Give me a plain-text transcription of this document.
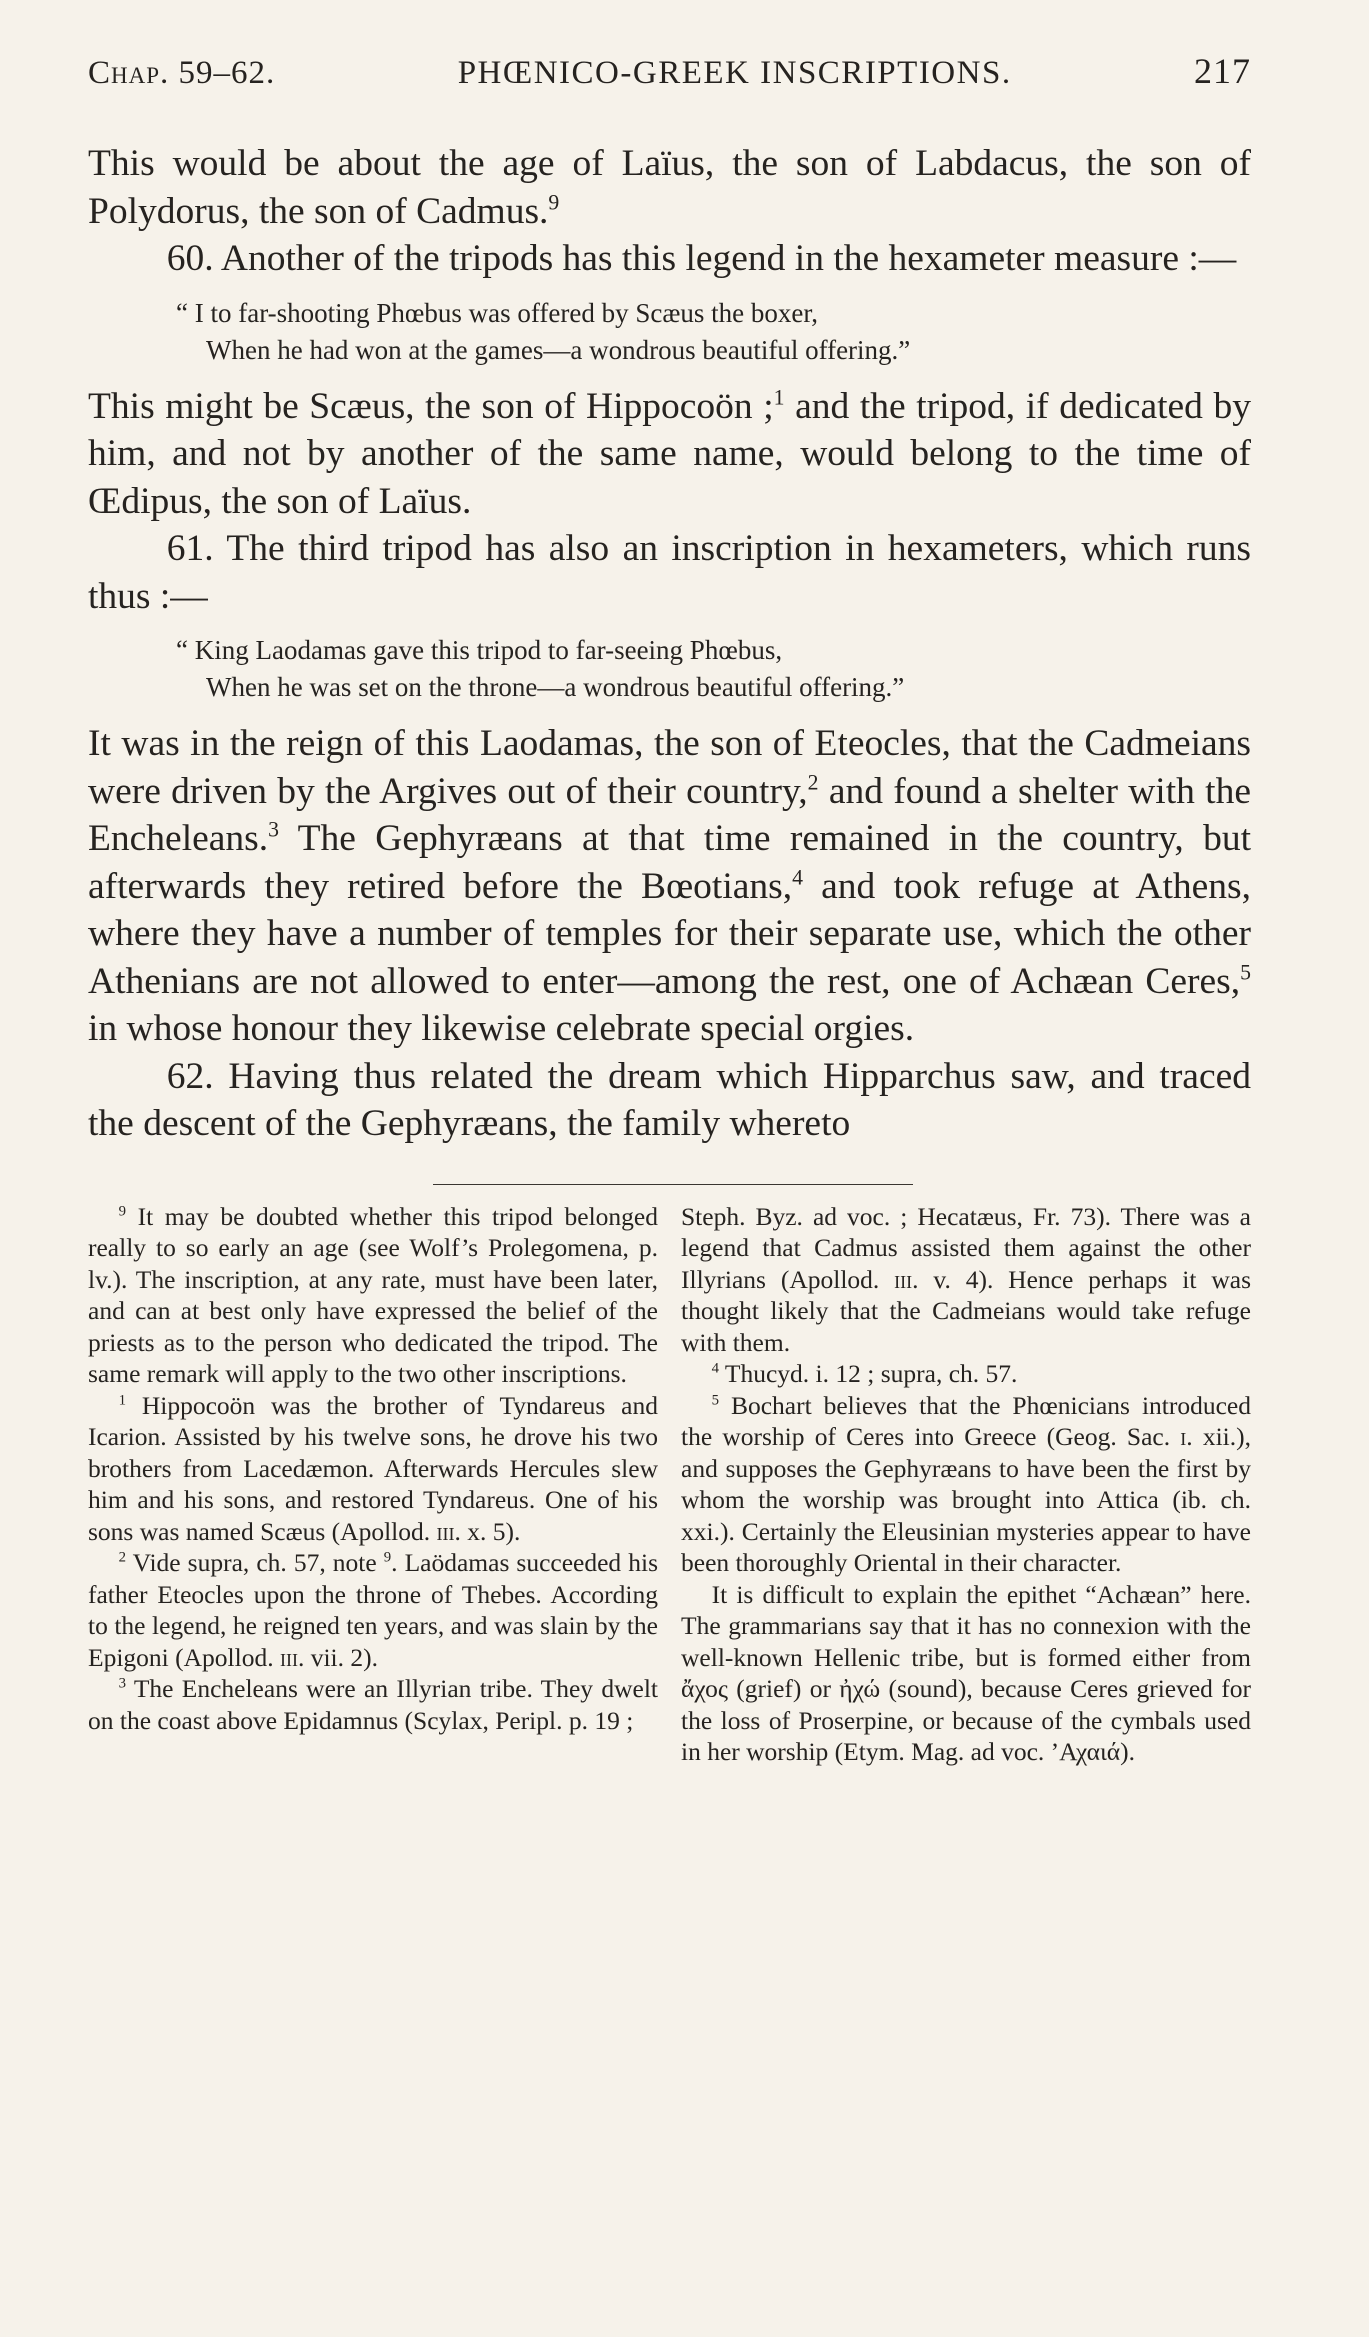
Chap. 59–62.	PHŒNICO-GREEK INSCRIPTIONS.	217

This would be about the age of Laïus, the son of Labdacus, the son of Polydorus, the son of Cadmus.$^9$

60. Another of the tripods has this legend in the hexameter measure :—

“ I to far-shooting Phœbus was offered by Scæus the boxer,
When he had won at the games—a wondrous beautiful offering.”

This might be Scæus, the son of Hippocoön ;$^1$ and the tripod, if dedicated by him, and not by another of the same name, would belong to the time of Œdipus, the son of Laïus.

61. The third tripod has also an inscription in hexameters, which runs thus :—

“ King Laodamas gave this tripod to far-seeing Phœbus,
When he was set on the throne—a wondrous beautiful offering.”

It was in the reign of this Laodamas, the son of Eteocles, that the Cadmeians were driven by the Argives out of their country,$^2$ and found a shelter with the Encheleans.$^3$ The Gephyræans at that time remained in the country, but afterwards they retired before the Bœotians,$^4$ and took refuge at Athens, where they have a number of temples for their separate use, which the other Athenians are not allowed to enter—among the rest, one of Achæan Ceres,$^5$ in whose honour they likewise celebrate special orgies.

62. Having thus related the dream which Hipparchus saw, and traced the descent of the Gephyræans, the family whereto

$^9$ It may be doubted whether this tripod belonged really to so early an age (see Wolf’s Prolegomena, p. lv.). The inscription, at any rate, must have been later, and can at best only have expressed the belief of the priests as to the person who dedicated the tripod. The same remark will apply to the two other inscriptions.

$^1$ Hippocoön was the brother of Tyndareus and Icarion. Assisted by his twelve sons, he drove his two brothers from Lacedæmon. Afterwards Hercules slew him and his sons, and restored Tyndareus. One of his sons was named Scæus (Apollod. iii. x. 5).

$^2$ Vide supra, ch. 57, note $^9$. Laödamas succeeded his father Eteocles upon the throne of Thebes. According to the legend, he reigned ten years, and was slain by the Epigoni (Apollod. iii. vii. 2).

$^3$ The Encheleans were an Illyrian tribe. They dwelt on the coast above Epidamnus (Scylax, Peripl. p. 19 ;

Steph. Byz. ad voc. ; Hecatæus, Fr. 73). There was a legend that Cadmus assisted them against the other Illyrians (Apollod. iii. v. 4). Hence perhaps it was thought likely that the Cadmeians would take refuge with them.

$^4$ Thucyd. i. 12 ; supra, ch. 57.

$^5$ Bochart believes that the Phœnicians introduced the worship of Ceres into Greece (Geog. Sac. i. xii.), and supposes the Gephyræans to have been the first by whom the worship was brought into Attica (ib. ch. xxi.). Certainly the Eleusinian mysteries appear to have been thoroughly Oriental in their character.

It is difficult to explain the epithet “Achæan” here. The grammarians say that it has no connexion with the well-known Hellenic tribe, but is formed either from ἄχος (grief) or ἠχώ (sound), because Ceres grieved for the loss of Proserpine, or because of the cymbals used in her worship (Etym. Mag. ad voc. ’Αχαιά).
